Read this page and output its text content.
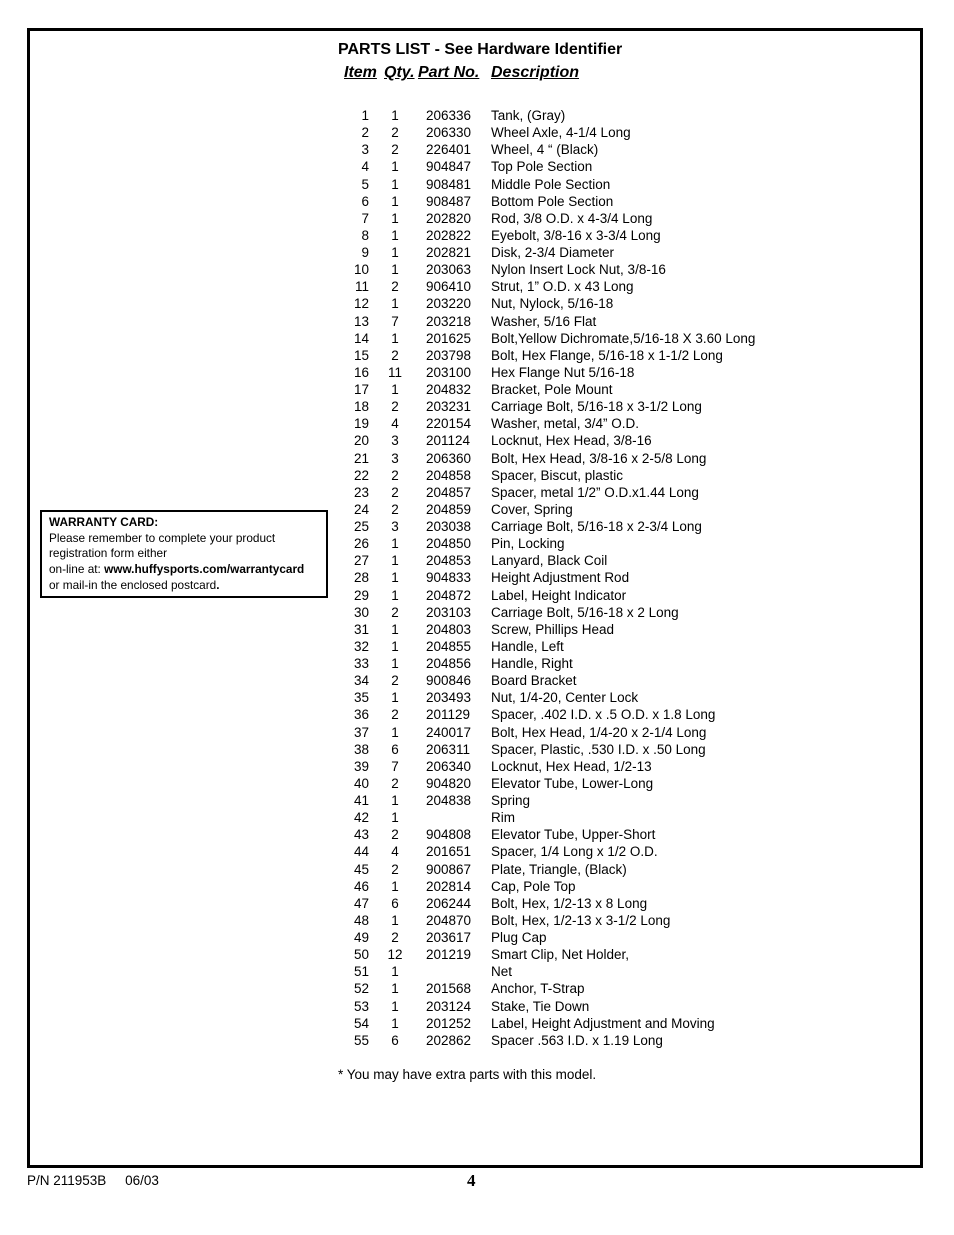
PARTS LIST - See Hardware Identifier
Item Qty. Part No. Description
1	1	206336 Tank, (Gray)
2	2	206330 Wheel Axle, 4-1/4 Long
3	2	226401 Wheel, 4 “ (Black)
4	1	904847 Top Pole Section
5	1	908481 Middle Pole Section
6	1	908487 Bottom Pole Section
7	1	202820 Rod, 3/8 O.D. x 4-3/4 Long
8	1	202822 Eyebolt, 3/8-16 x 3-3/4 Long
9	1	202821 Disk, 2-3/4 Diameter
10	1	203063 Nylon Insert Lock Nut, 3/8-16
11	2	906410 Strut, 1” O.D. x 43 Long
12	1	203220 Nut, Nylock, 5/16-18
13	7	203218 Washer, 5/16 Flat
14	1	201625 Bolt,Yellow Dichromate,5/16-18 X 3.60 Long
15	2	203798 Bolt, Hex Flange, 5/16-18 x 1-1/2 Long
16 11 203100 Hex Flange Nut 5/16-18
17	1	204832 Bracket, Pole Mount
18	2	203231 Carriage Bolt, 5/16-18 x 3-1/2 Long
19	4	220154 Washer, metal, 3/4” O.D.
20	3	201124 Locknut, Hex Head, 3/8-16
21	3	206360 Bolt, Hex Head, 3/8-16 x 2-5/8 Long
22	2	204858 Spacer, Biscut, plastic
23	2	204857 Spacer, metal 1/2” O.D.x1.44 Long
24	2	204859 Cover, Spring
25	3	203038 Carriage Bolt, 5/16-18 x 2-3/4 Long
26	1	204850 Pin, Locking
27	1	204853 Lanyard, Black Coil
28	1	904833 Height Adjustment Rod
29	1	204872 Label, Height Indicator
30	2	203103 Carriage Bolt, 5/16-18 x 2 Long
31	1	204803 Screw, Phillips Head
32	1	204855 Handle, Left
33	1	204856 Handle, Right
34	2	900846 Board Bracket
35	1	203493 Nut, 1/4-20, Center Lock
36	2	201129 Spacer, .402 I.D. x .5 O.D. x 1.8 Long
37	1	240017 Bolt, Hex Head, 1/4-20 x 2-1/4 Long
38	6	206311 Spacer, Plastic, .530 I.D. x .50 Long
39	7	206340 Locknut, Hex Head, 1/2-13
40	2	904820 Elevator Tube, Lower-Long
41	1	204838 Spring
42	1	Rim
43	2	904808 Elevator Tube, Upper-Short
44	4	201651 Spacer, 1/4 Long x 1/2 O.D.
45	2	900867 Plate, Triangle, (Black)
46	1	202814 Cap, Pole Top
47	6	206244 Bolt, Hex, 1/2-13 x 8 Long
48	1	204870 Bolt, Hex, 1/2-13 x 3-1/2 Long
49	2	203617 Plug Cap
50 12 201219 Smart Clip, Net Holder,
51	1	Net
52	1	201568 Anchor, T-Strap
53	1	203124 Stake, Tie Down
54	1	201252 Label, Height Adjustment and Moving
55	6	202862 Spacer .563 I.D. x 1.19 Long
* You may have extra parts with this model.
WARRANTY CARD:
Please remember to complete your product
registration form either
on-line at: www.huffysports.com/warrantycard
or mail-in the enclosed postcard.
P/N 211953B 06/03	4
